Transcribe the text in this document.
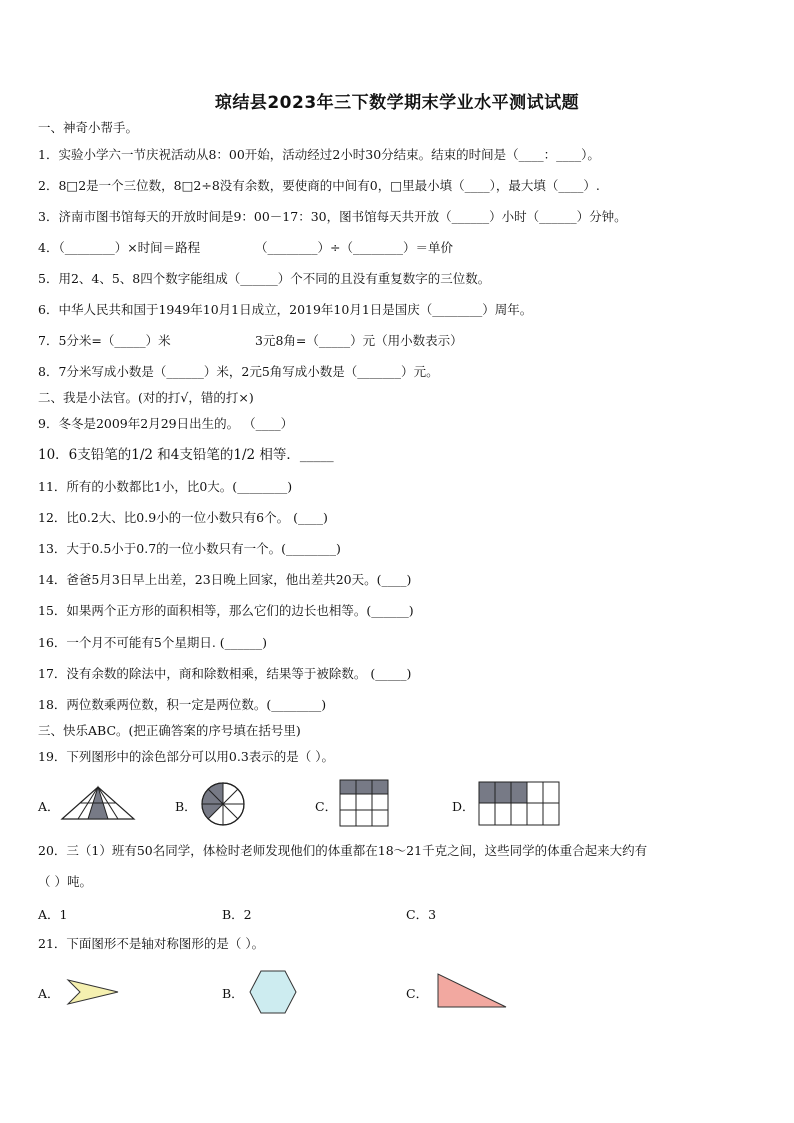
琼结县2023年三下数学期末学业水平测试试题
一、神奇小帮手。
1．实验小学六一节庆祝活动从8：00开始，活动经过2小时30分结束。结束的时间是（____：____）。
2．8□2是一个三位数，8□2÷8没有余数，要使商的中间有0，□里最小填（____），最大填（____）.
3．济南市图书馆每天的开放时间是9：00－17：30，图书馆每天共开放（______）小时（______）分钟。
4．（________）×时间＝路程	（________）÷（________）＝单价
5．用2、4、5、8四个数字能组成（______）个不同的且没有重复数字的三位数。
6．中华人民共和国于1949年10月1日成立，2019年10月1日是国庆（________）周年。
7．5分米=（_____）米	3元8角=（_____）元（用小数表示）
8．7分米写成小数是（______）米，2元5角写成小数是（_______）元。
二、我是小法官。(对的打√，错的打×)
9．冬冬是2009年2月29日出生的。 （____）
10．6支铅笔的1/2 和4支铅笔的1/2 相等．_____
11．所有的小数都比1小，比0大。(________)
12．比0.2大、比0.9小的一位小数只有6个。 (____)
13．大于0.5小于0.7的一位小数只有一个。(________)
14．爸爸5月3日早上出差，23日晚上回家，他出差共20天。(____)
15．如果两个正方形的面积相等，那么它们的边长也相等。(______)
16．一个月不可能有5个星期日. (______)
17．没有余数的除法中，商和除数相乘，结果等于被除数。 (_____)
18．两位数乘两位数，积一定是两位数。(________)
三、快乐ABC。(把正确答案的序号填在括号里)
19．下列图形中的涂色部分可以用0.3表示的是（ ）。
A．	B．	C．	D．
20．三（1）班有50名同学，体检时老师发现他们的体重都在18～21千克之间，这些同学的体重合起来大约有
（ ）吨。
A．1	B．2	C．3
21．下面图形不是轴对称图形的是（ ）。
A．	B．	C．
